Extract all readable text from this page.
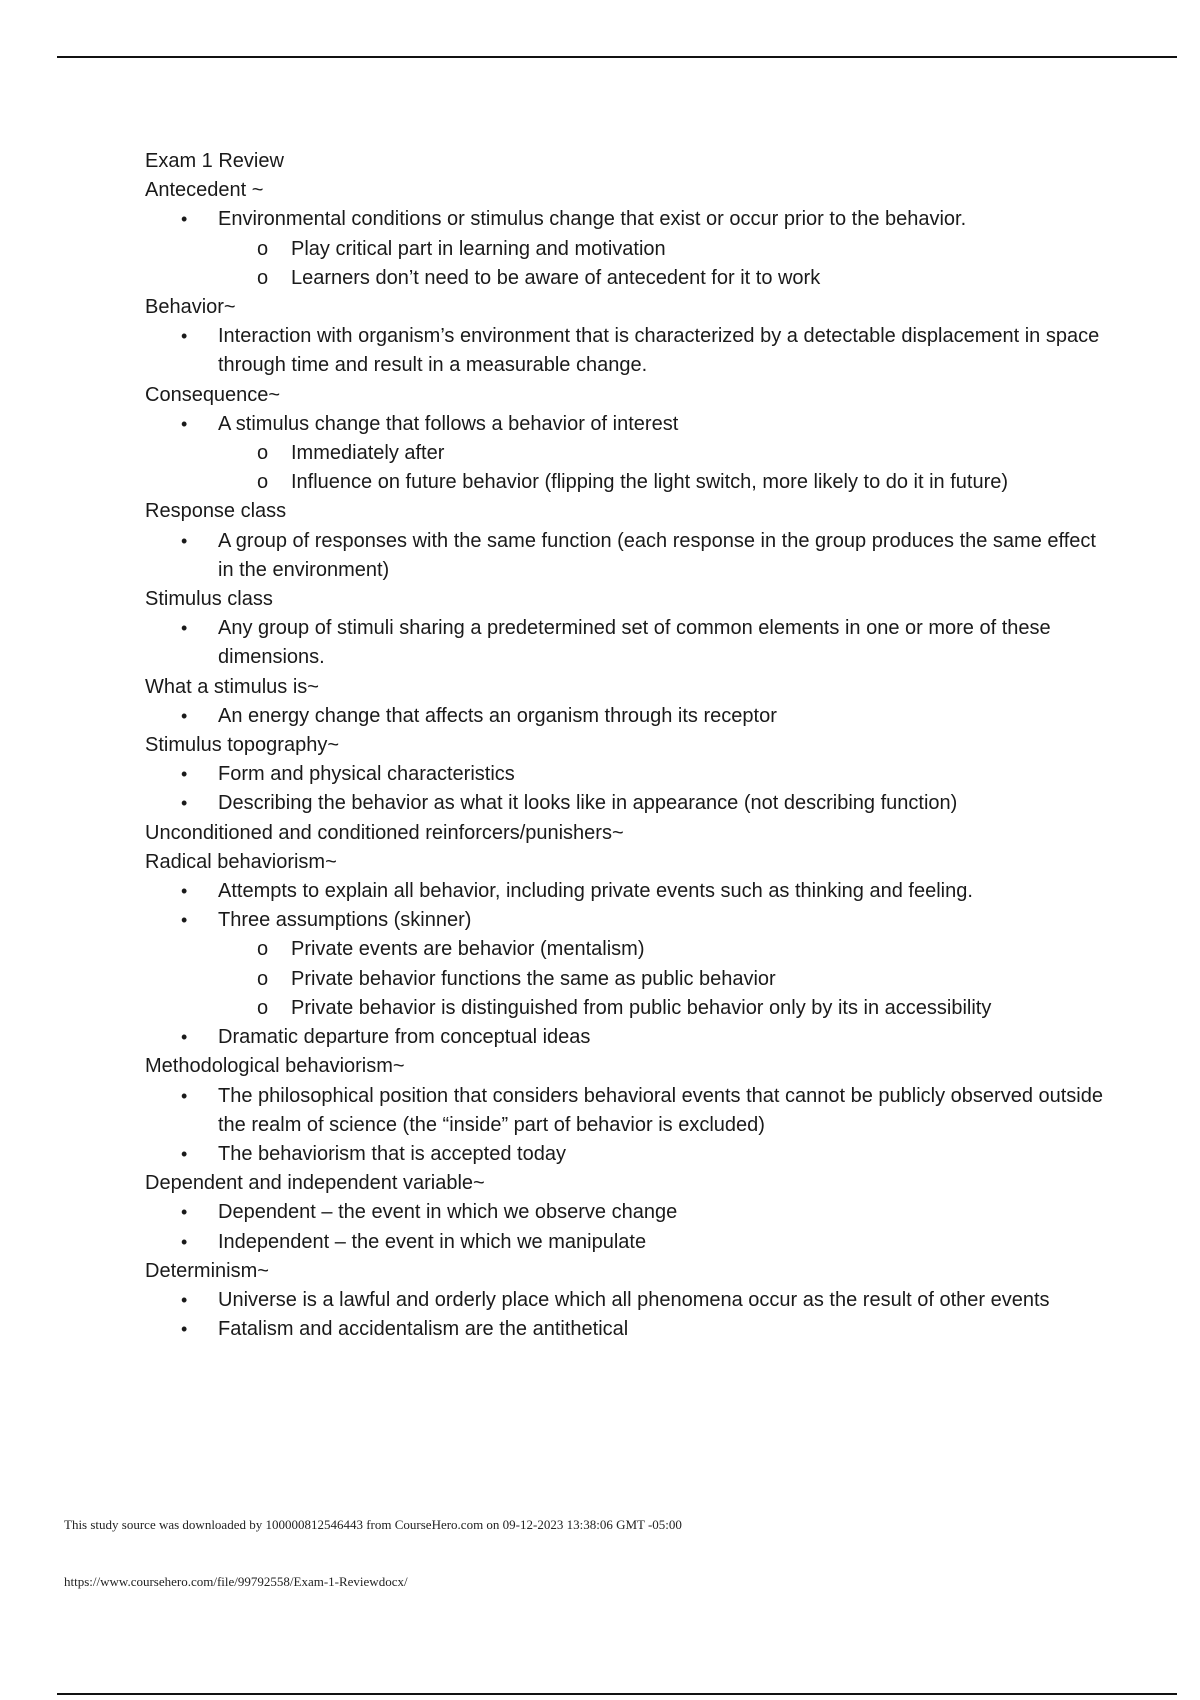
Exam 1 Review
Antecedent ~
• Environmental conditions or stimulus change that exist or occur prior to the behavior.
o Play critical part in learning and motivation
o Learners don’t need to be aware of antecedent for it to work
Behavior~
• Interaction with organism’s environment that is characterized by a detectable displacement in space through time and result in a measurable change.
Consequence~
• A stimulus change that follows a behavior of interest
o Immediately after
o Influence on future behavior (flipping the light switch, more likely to do it in future)
Response class
• A group of responses with the same function (each response in the group produces the same effect in the environment)
Stimulus class
• Any group of stimuli sharing a predetermined set of common elements in one or more of these dimensions.
What a stimulus is~
• An energy change that affects an organism through its receptor
Stimulus topography~
• Form and physical characteristics
• Describing the behavior as what it looks like in appearance (not describing function)
Unconditioned and conditioned reinforcers/punishers~
Radical behaviorism~
• Attempts to explain all behavior, including private events such as thinking and feeling.
• Three assumptions (skinner)
o Private events are behavior (mentalism)
o Private behavior functions the same as public behavior
o Private behavior is distinguished from public behavior only by its in accessibility
• Dramatic departure from conceptual ideas
Methodological behaviorism~
• The philosophical position that considers behavioral events that cannot be publicly observed outside the realm of science (the “inside” part of behavior is excluded)
• The behaviorism that is accepted today
Dependent and independent variable~
• Dependent – the event in which we observe change
• Independent – the event in which we manipulate
Determinism~
• Universe is a lawful and orderly place which all phenomena occur as the result of other events
• Fatalism and accidentalism are the antithetical
This study source was downloaded by 100000812546443 from CourseHero.com on 09-12-2023 13:38:06 GMT -05:00
https://www.coursehero.com/file/99792558/Exam-1-Reviewdocx/
